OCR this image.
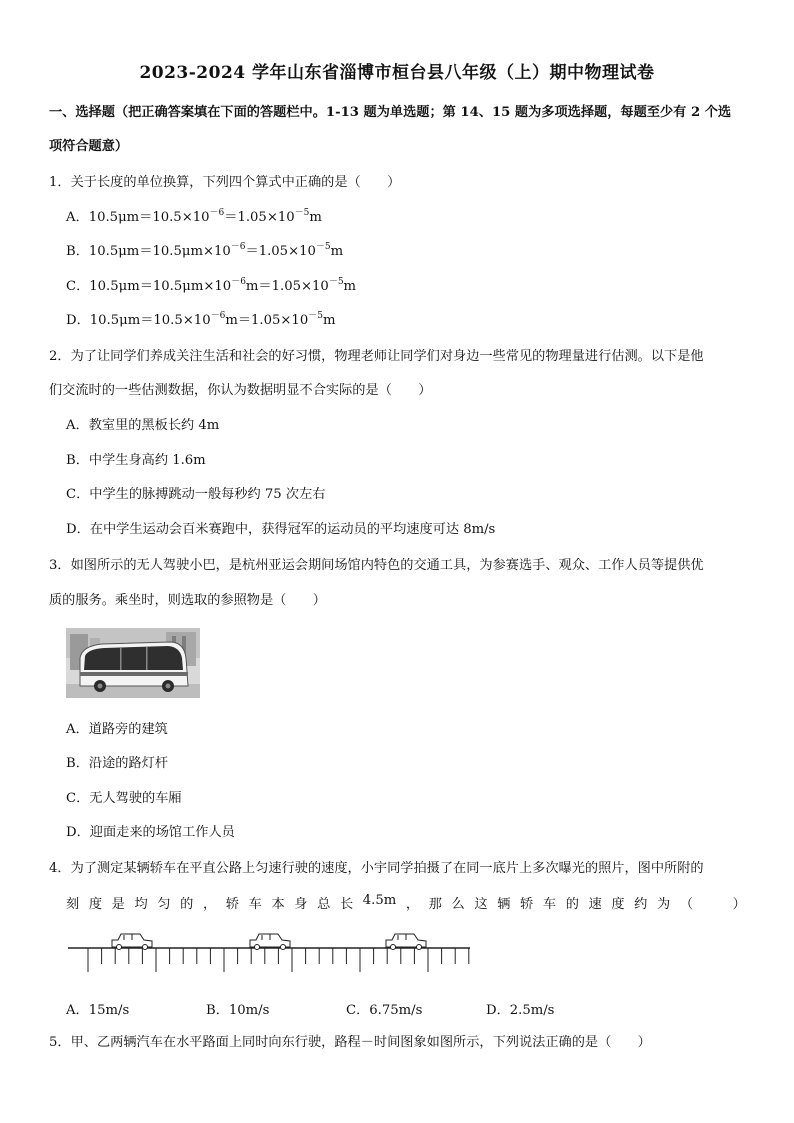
2023-2024 学年山东省淄博市桓台县八年级（上）期中物理试卷
一、选择题（把正确答案填在下面的答题栏中。1-13 题为单选题；第 14、15 题为多项选择题，每题至少有 2 个选
项符合题意）
1．关于长度的单位换算，下列四个算式中正确的是（　　）
A．$10.5\mu m=10.5\times 10^{-6}=1.05\times 10^{-5}m$
B．$10.5\mu m=10.5\mu m\times 10^{-6}=1.05\times 10^{-5}m$
C．$10.5\mu m=10.5\mu m\times 10^{-6}m=1.05\times 10^{-5}m$
D．$10.5\mu m=10.5\times 10^{-6}m=1.05\times 10^{-5}m$
2．为了让同学们养成关注生活和社会的好习惯，物理老师让同学们对身边一些常见的物理量进行估测。以下是他
们交流时的一些估测数据，你认为数据明显不合实际的是（　　）
A．教室里的黑板长约 4m
B．中学生身高约 1.6m
C．中学生的脉搏跳动一般每秒约 75 次左右
D．在中学生运动会百米赛跑中，获得冠军的运动员的平均速度可达 8m/s
3．如图所示的无人驾驶小巴，是杭州亚运会期间场馆内特色的交通工具，为参赛选手、观众、工作人员等提供优
质的服务。乘坐时，则选取的参照物是（　　）
A．道路旁的建筑
B．沿途的路灯杆
C．无人驾驶的车厢
D．迎面走来的场馆工作人员
4．为了测定某辆轿车在平直公路上匀速行驶的速度，小宇同学拍摄了在同一底片上多次曝光的照片，图中所附的
刻 度 是 均 匀 的 ， 轿 车 本 身 总 长 4.5m ， 那 么 这 辆 轿 车 的 速 度 约 为 （　　　）
A．15m/s	B．10m/s	C．6.75m/s	D．2.5m/s
5．甲、乙两辆汽车在水平路面上同时向东行驶，路程－时间图象如图所示，下列说法正确的是（　　）
